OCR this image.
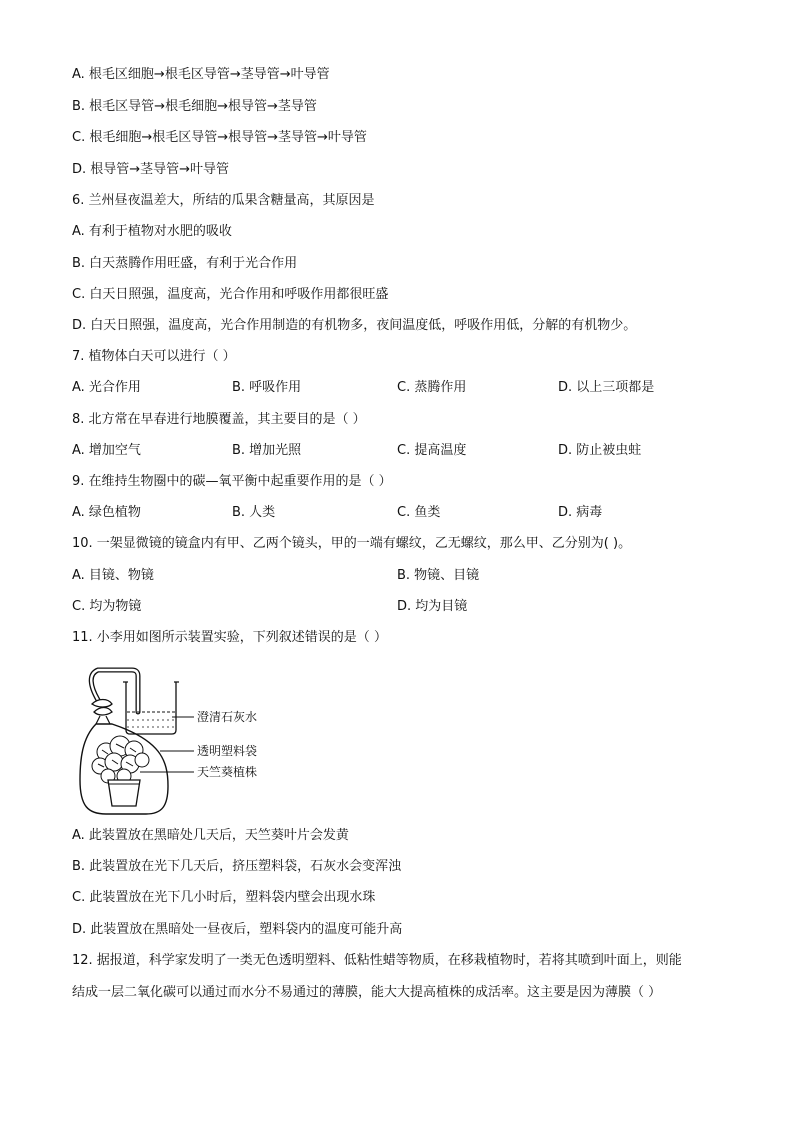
A. 根毛区细胞→根毛区导管→茎导管→叶导管
B. 根毛区导管→根毛细胞→根导管→茎导管
C. 根毛细胞→根毛区导管→根导管→茎导管→叶导管
D. 根导管→茎导管→叶导管
6. 兰州昼夜温差大，所结的瓜果含糖量高，其原因是
A. 有利于植物对水肥的吸收
B. 白天蒸腾作用旺盛，有利于光合作用
C. 白天日照强，温度高，光合作用和呼吸作用都很旺盛
D. 白天日照强，温度高，光合作用制造的有机物多，夜间温度低，呼吸作用低，分解的有机物少。
7. 植物体白天可以进行（ ）
A. 光合作用	B. 呼吸作用	C. 蒸腾作用	D. 以上三项都是
8. 北方常在早春进行地膜覆盖，其主要目的是（ ）
A. 增加空气	B. 增加光照	C. 提高温度	D. 防止被虫蛀
9. 在维持生物圈中的碳—氧平衡中起重要作用的是（ ）
A. 绿色植物	B. 人类	C. 鱼类	D. 病毒
10. 一架显微镜的镜盒内有甲、乙两个镜头，甲的一端有螺纹，乙无螺纹，那么甲、乙分别为( )。
A. 目镜、物镜	B. 物镜、目镜
C. 均为物镜	D. 均为目镜
11. 小李用如图所示装置实验，下列叙述错误的是（ ）
澄清石灰水
透明塑料袋
天竺葵植株
A. 此装置放在黑暗处几天后，天竺葵叶片会发黄
B. 此装置放在光下几天后，挤压塑料袋，石灰水会变浑浊
C. 此装置放在光下几小时后，塑料袋内壁会出现水珠
D. 此装置放在黑暗处一昼夜后，塑料袋内的温度可能升高
12. 据报道，科学家发明了一类无色透明塑料、低粘性蜡等物质，在移栽植物时，若将其喷到叶面上，则能
结成一层二氧化碳可以通过而水分不易通过的薄膜，能大大提高植株的成活率。这主要是因为薄膜（ ）
